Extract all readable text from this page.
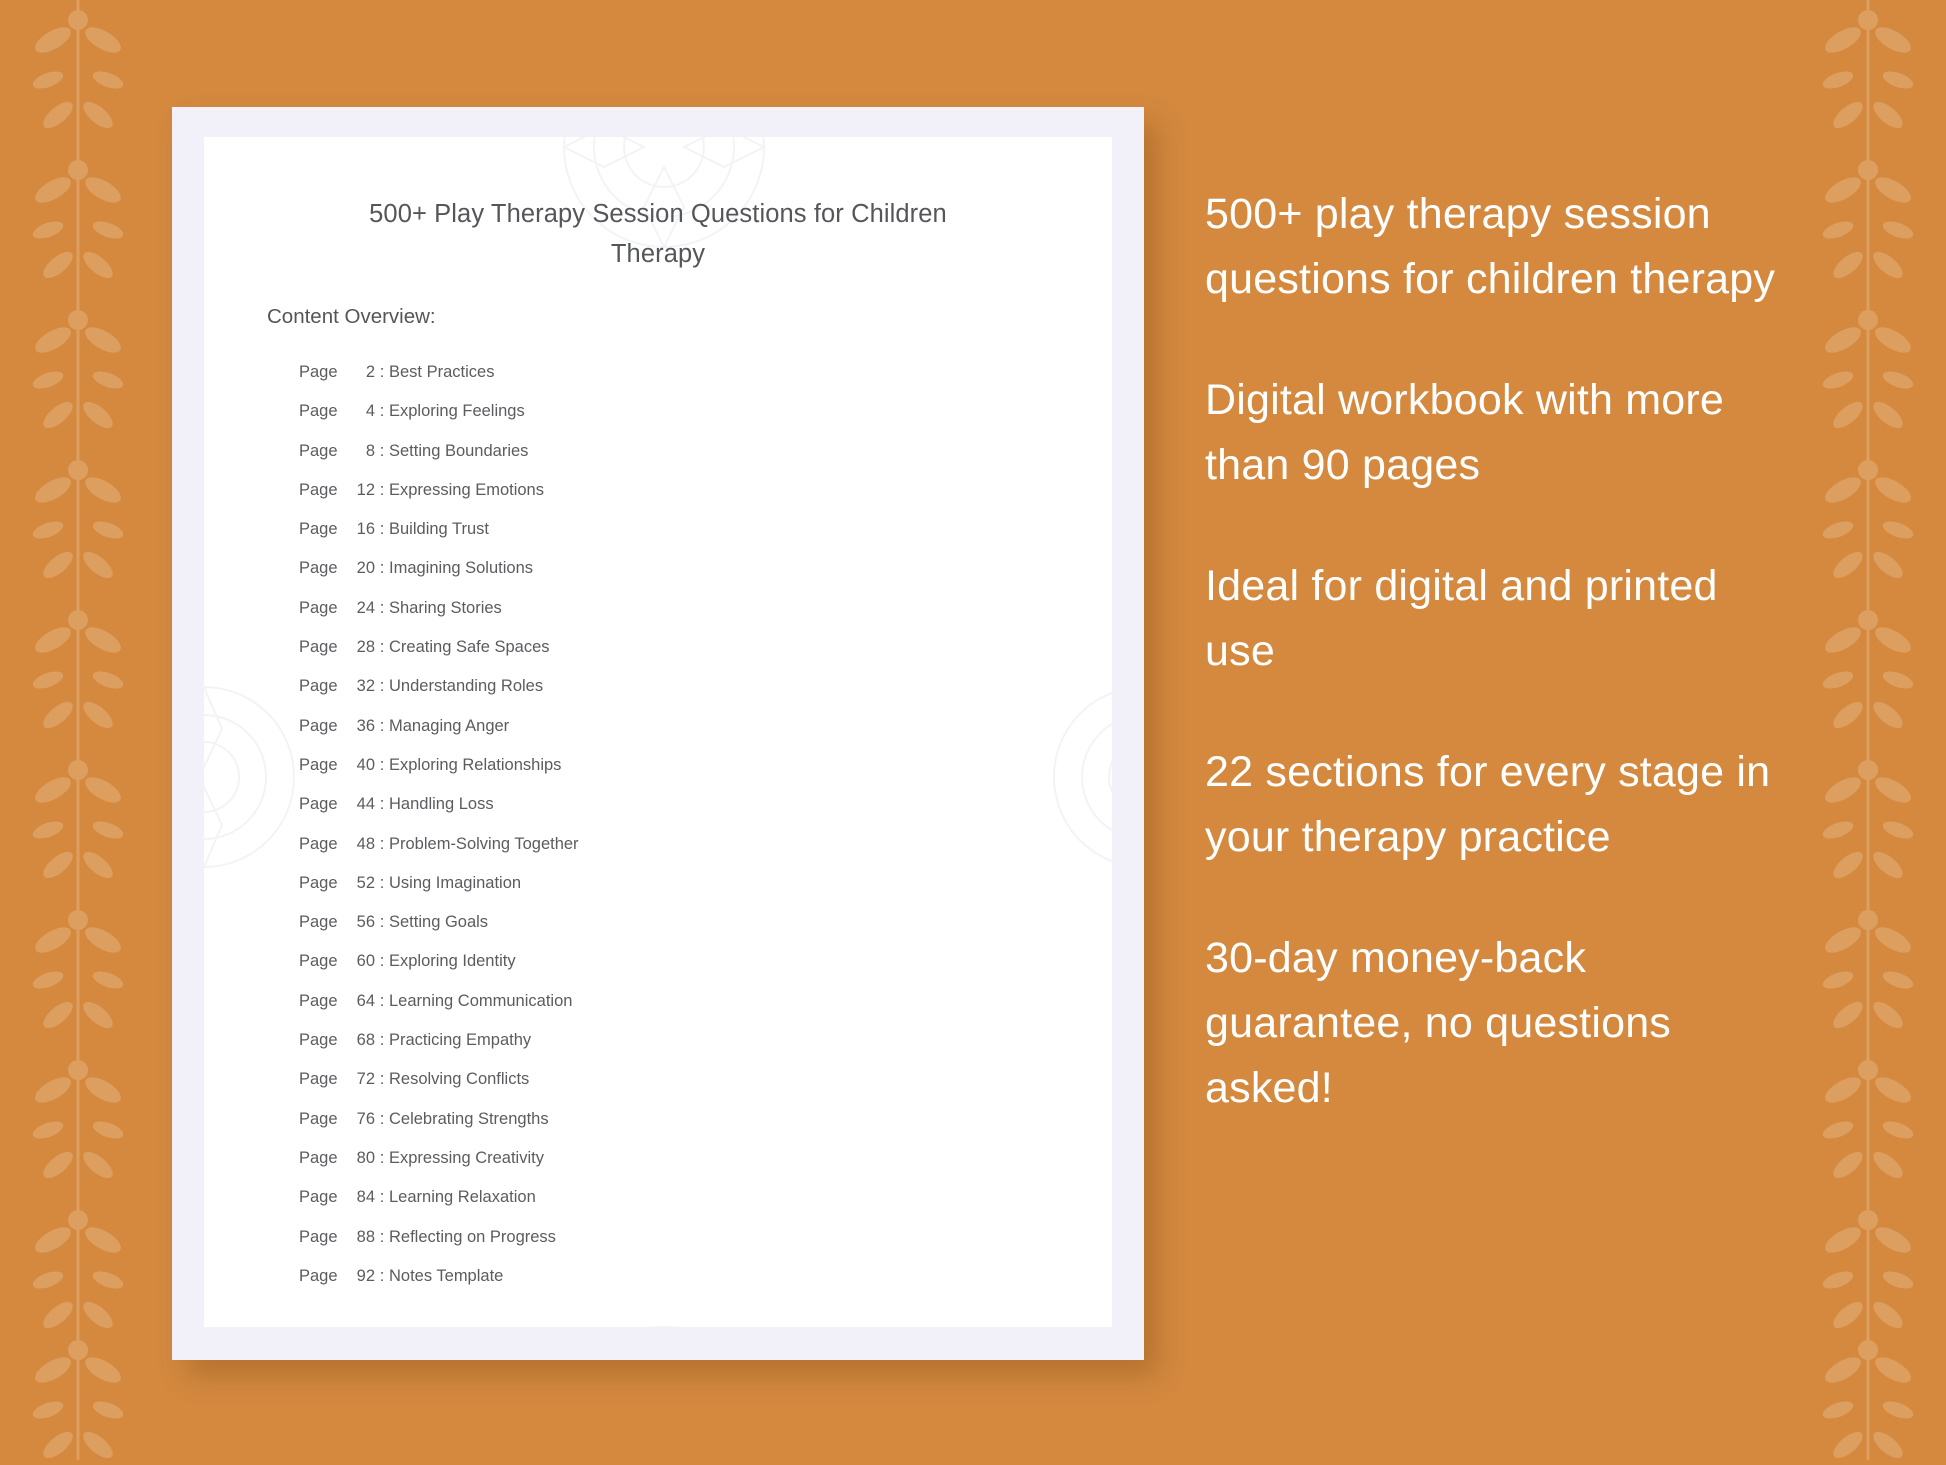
500+ Play Therapy Session Questions for Children Therapy
Content Overview:
Page	2 : Best Practices
Page	4 : Exploring Feelings
Page	8 : Setting Boundaries
Page	12 : Expressing Emotions
Page	16 : Building Trust
Page	20 : Imagining Solutions
Page	24 : Sharing Stories
Page	28 : Creating Safe Spaces
Page	32 : Understanding Roles
Page	36 : Managing Anger
Page	40 : Exploring Relationships
Page	44 : Handling Loss
Page	48 : Problem-Solving Together
Page	52 : Using Imagination
Page	56 : Setting Goals
Page	60 : Exploring Identity
Page	64 : Learning Communication
Page	68 : Practicing Empathy
Page	72 : Resolving Conflicts
Page	76 : Celebrating Strengths
Page	80 : Expressing Creativity
Page	84 : Learning Relaxation
Page	88 : Reflecting on Progress
Page	92 : Notes Template
500+ play therapy session questions for children therapy
Digital workbook with more than 90 pages
Ideal for digital and printed use
22 sections for every stage in your therapy practice
30-day money-back guarantee, no questions asked!
